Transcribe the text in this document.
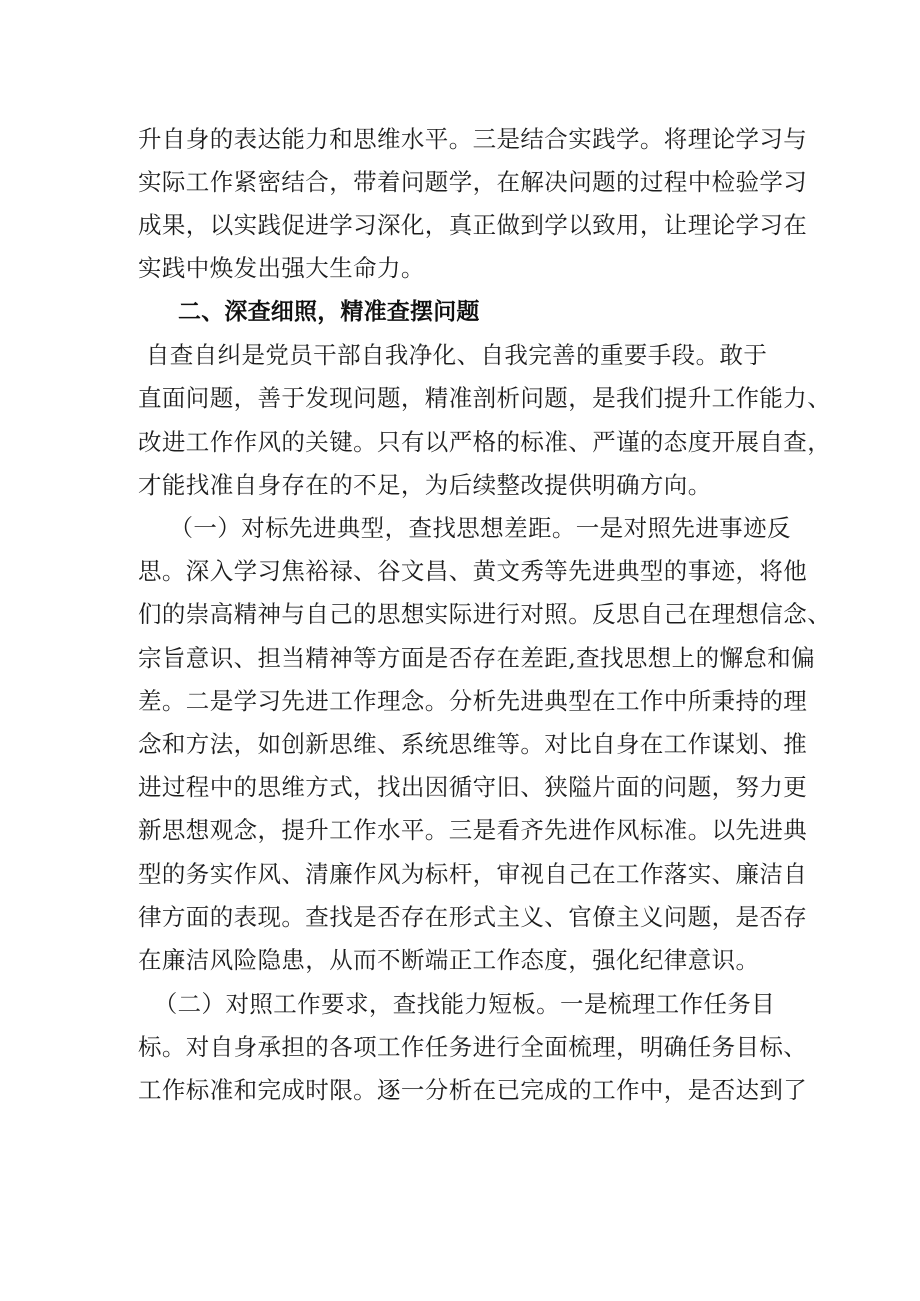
升自身的表达能力和思维水平。三是结合实践学。将理论学习与
实际工作紧密结合，带着问题学，在解决问题的过程中检验学习
成果，以实践促进学习深化，真正做到学以致用，让理论学习在
实践中焕发出强大生命力。
二、深查细照，精准查摆问题
自查自纠是党员干部自我净化、自我完善的重要手段。敢于
直面问题，善于发现问题，精准剖析问题，是我们提升工作能力、
改进工作作风的关键。只有以严格的标准、严谨的态度开展自查，
才能找准自身存在的不足，为后续整改提供明确方向。
（一）对标先进典型，查找思想差距。一是对照先进事迹反
思。深入学习焦裕禄、谷文昌、黄文秀等先进典型的事迹，将他
们的崇高精神与自己的思想实际进行对照。反思自己在理想信念、
宗旨意识、担当精神等方面是否存在差距,查找思想上的懈怠和偏
差。二是学习先进工作理念。分析先进典型在工作中所秉持的理
念和方法，如创新思维、系统思维等。对比自身在工作谋划、推
进过程中的思维方式，找出因循守旧、狭隘片面的问题，努力更
新思想观念，提升工作水平。三是看齐先进作风标准。以先进典
型的务实作风、清廉作风为标杆，审视自己在工作落实、廉洁自
律方面的表现。查找是否存在形式主义、官僚主义问题，是否存
在廉洁风险隐患，从而不断端正工作态度，强化纪律意识。
（二）对照工作要求，查找能力短板。一是梳理工作任务目
标。对自身承担的各项工作任务进行全面梳理，明确任务目标、
工作标准和完成时限。逐一分析在已完成的工作中，是否达到了
